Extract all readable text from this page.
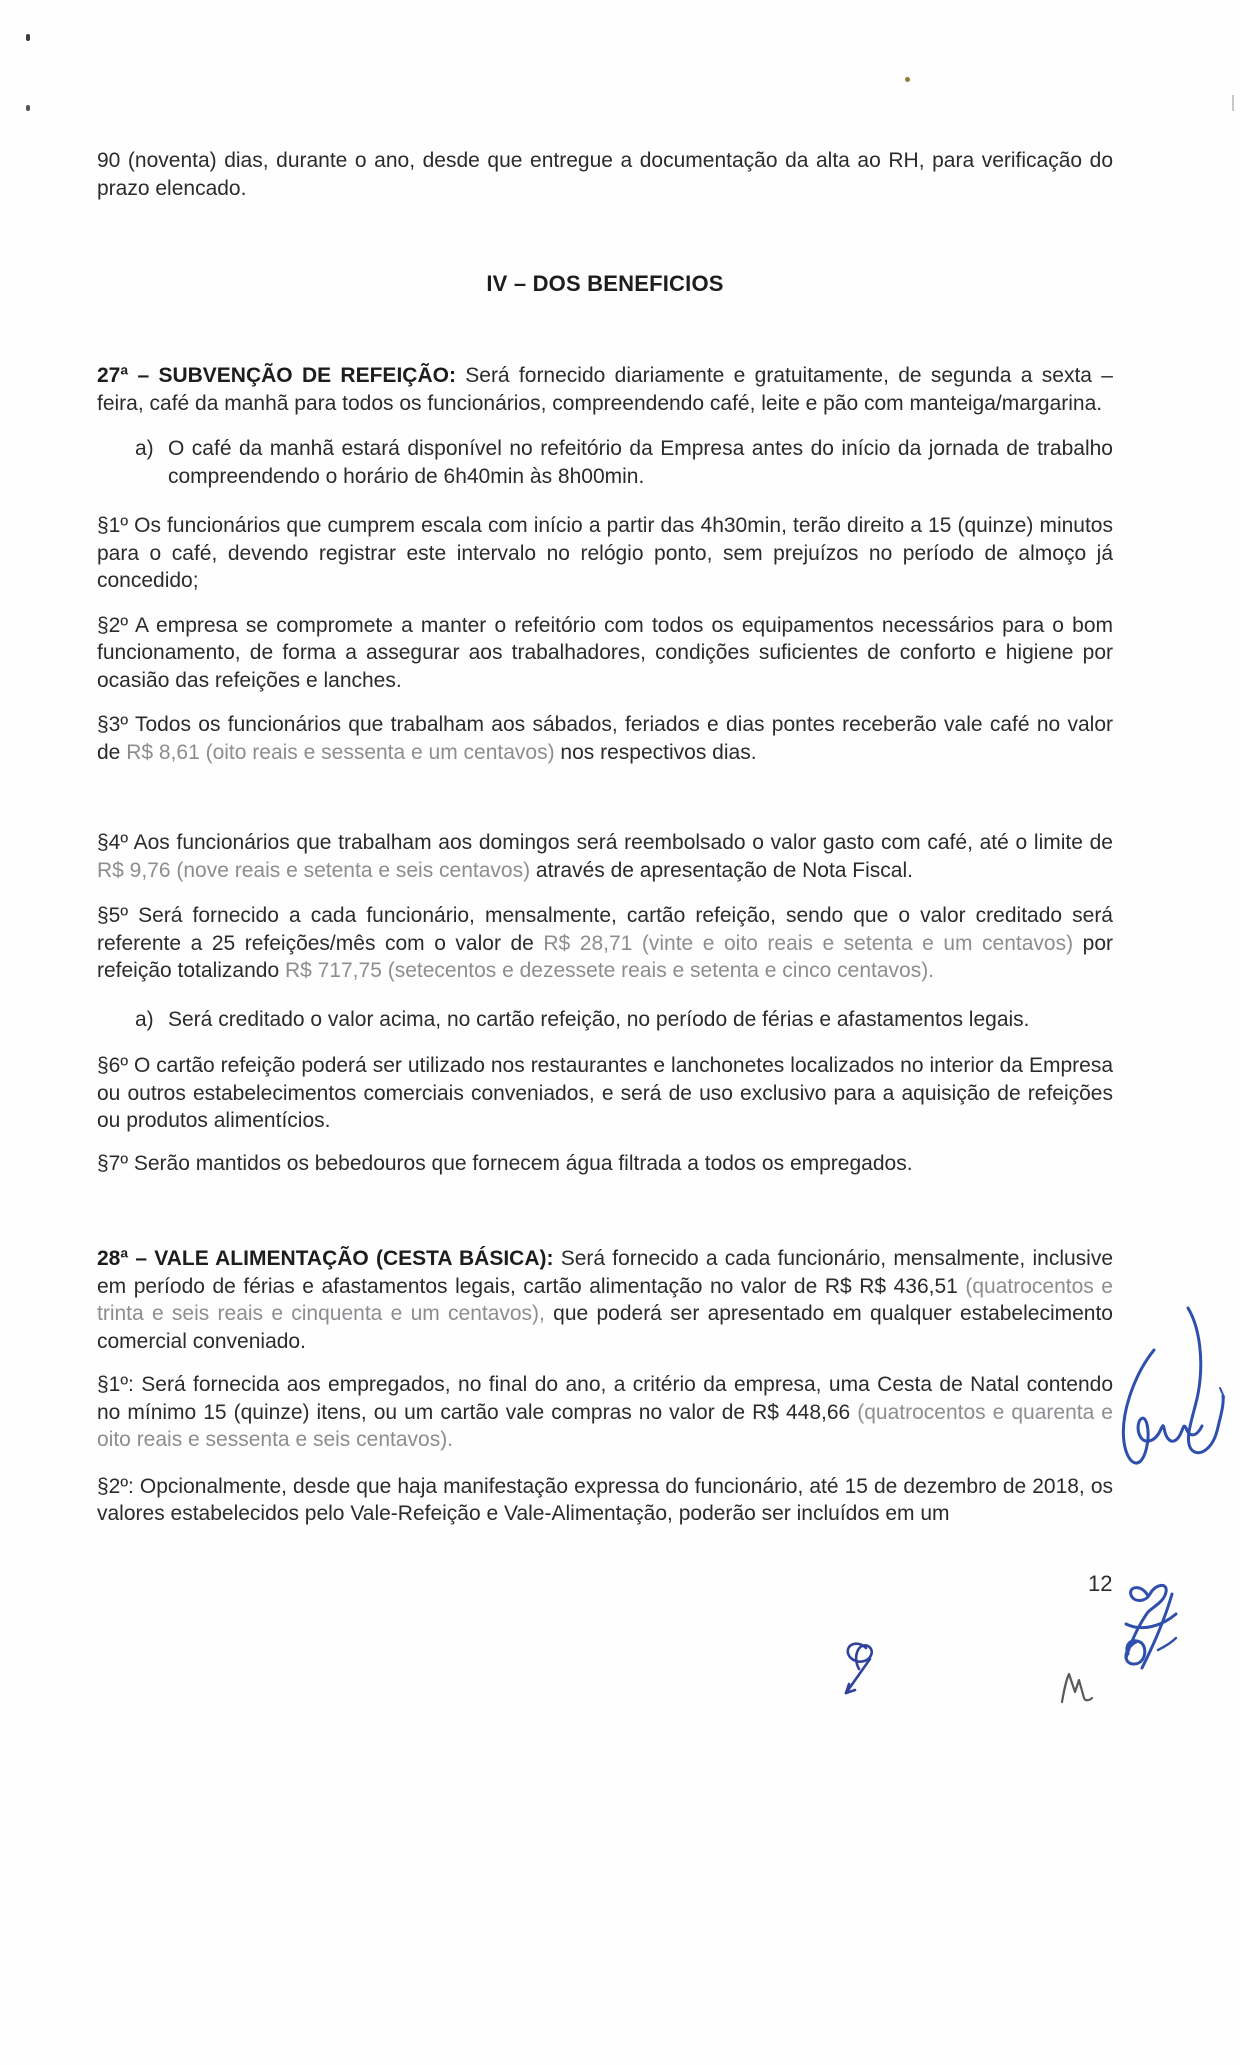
90 (noventa) dias, durante o ano, desde que entregue a documentação da alta ao RH, para verificação do prazo elencado.

IV – DOS BENEFICIOS

27ª – SUBVENÇÃO DE REFEIÇÃO: Será fornecido diariamente e gratuitamente, de segunda a sexta – feira, café da manhã para todos os funcionários, compreendendo café, leite e pão com manteiga/margarina.

a) O café da manhã estará disponível no refeitório da Empresa antes do início da jornada de trabalho compreendendo o horário de 6h40min às 8h00min.

§1º Os funcionários que cumprem escala com início a partir das 4h30min, terão direito a 15 (quinze) minutos para o café, devendo registrar este intervalo no relógio ponto, sem prejuízos no período de almoço já concedido;

§2º A empresa se compromete a manter o refeitório com todos os equipamentos necessários para o bom funcionamento, de forma a assegurar aos trabalhadores, condições suficientes de conforto e higiene por ocasião das refeições e lanches.

§3º Todos os funcionários que trabalham aos sábados, feriados e dias pontes receberão vale café no valor de R$ 8,61 (oito reais e sessenta e um centavos) nos respectivos dias.

§4º Aos funcionários que trabalham aos domingos será reembolsado o valor gasto com café, até o limite de R$ 9,76 (nove reais e setenta e seis centavos) através de apresentação de Nota Fiscal.

§5º Será fornecido a cada funcionário, mensalmente, cartão refeição, sendo que o valor creditado será referente a 25 refeições/mês com o valor de R$ 28,71 (vinte e oito reais e setenta e um centavos) por refeição totalizando R$ 717,75 (setecentos e dezessete reais e setenta e cinco centavos).

a) Será creditado o valor acima, no cartão refeição, no período de férias e afastamentos legais.

§6º O cartão refeição poderá ser utilizado nos restaurantes e lanchonetes localizados no interior da Empresa ou outros estabelecimentos comerciais conveniados, e será de uso exclusivo para a aquisição de refeições ou produtos alimentícios.

§7º Serão mantidos os bebedouros que fornecem água filtrada a todos os empregados.

28ª – VALE ALIMENTAÇÃO (CESTA BÁSICA): Será fornecido a cada funcionário, mensalmente, inclusive em período de férias e afastamentos legais, cartão alimentação no valor de R$ R$ 436,51 (quatrocentos e trinta e seis reais e cinquenta e um centavos), que poderá ser apresentado em qualquer estabelecimento comercial conveniado.

§1º: Será fornecida aos empregados, no final do ano, a critério da empresa, uma Cesta de Natal contendo no mínimo 15 (quinze) itens, ou um cartão vale compras no valor de R$ 448,66 (quatrocentos e quarenta e oito reais e sessenta e seis centavos).

§2º: Opcionalmente, desde que haja manifestação expressa do funcionário, até 15 de dezembro de 2018, os valores estabelecidos pelo Vale-Refeição e Vale-Alimentação, poderão ser incluídos em um

12
